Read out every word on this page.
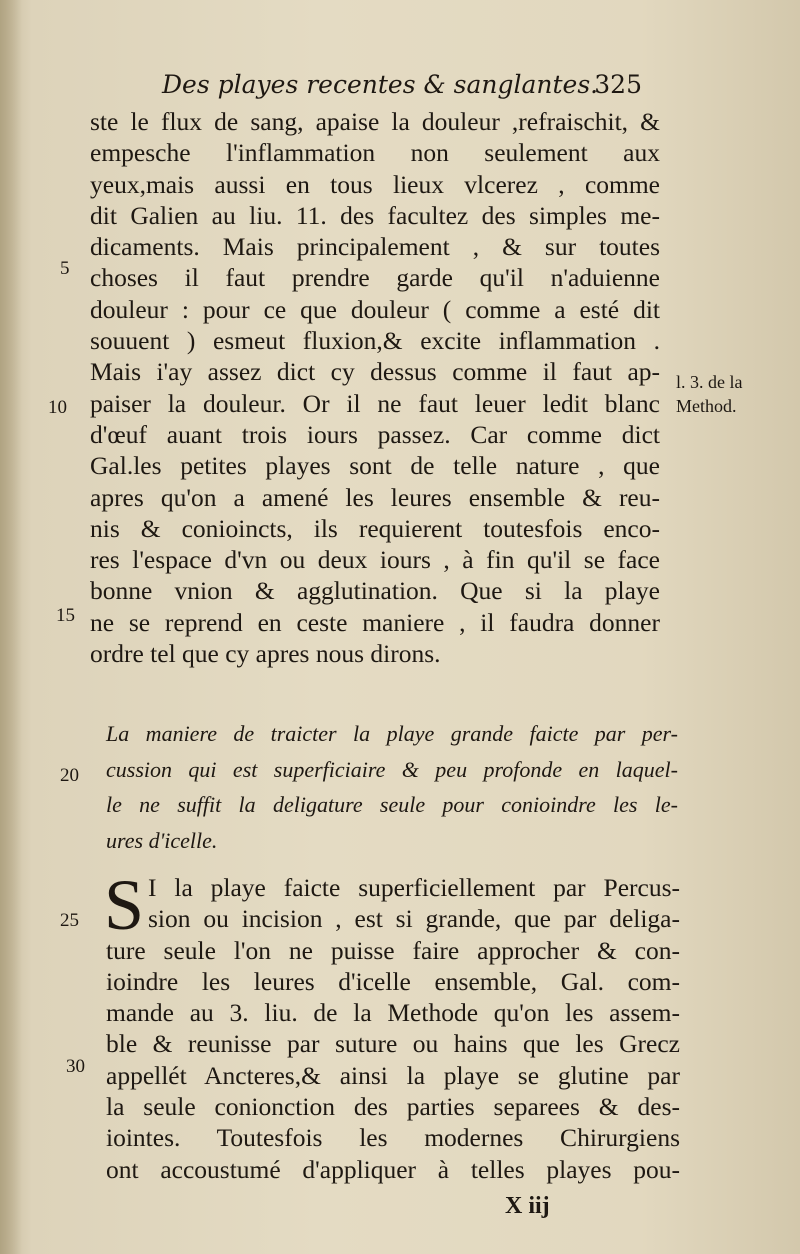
Des playes recentes & sanglantes.
325
ste le flux de sang, apaise la douleur ,refraischit, &
empesche l'inflammation non seulement aux
yeux,mais aussi en tous lieux vlcerez , comme
dit Galien au liu. 11. des facultez des simples me-
dicaments. Mais principalement , & sur toutes
choses il faut prendre garde qu'il n'aduienne
douleur : pour ce que douleur ( comme a esté dit
souuent ) esmeut fluxion,& excite inflammation .
Mais i'ay assez dict cy dessus comme il faut ap-
paiser la douleur. Or il ne faut leuer ledit blanc
d'œuf auant trois iours passez. Car comme dict
Gal.les petites playes sont de telle nature , que
apres qu'on a amené les leures ensemble & reu-
nis & conioincts, ils requierent toutesfois enco-
res l'espace d'vn ou deux iours , à fin qu'il se face
bonne vnion & agglutination. Que si la playe
ne se reprend en ceste maniere , il faudra donner
ordre tel que cy apres nous dirons.
l. 3. de la
Method.
La maniere de traicter la playe grande faicte par per-
cussion qui est superficiaire & peu profonde en laquel-
le ne suffit la deligature seule pour conioindre les le-
ures d'icelle.
S I la playe faicte superficiellement par Percus-
sion ou incision , est si grande, que par deliga-
ture seule l'on ne puisse faire approcher & con-
ioindre les leures d'icelle ensemble, Gal. com-
mande au 3. liu. de la Methode qu'on les assem-
ble & reunisse par suture ou hains que les Grecz
appellét Ancteres,& ainsi la playe se glutine par
la seule conionction des parties separees & des-
iointes. Toutesfois les modernes Chirurgiens
ont accoustumé d'appliquer à telles playes pou-
5
10
15
20
25
30
X iij
